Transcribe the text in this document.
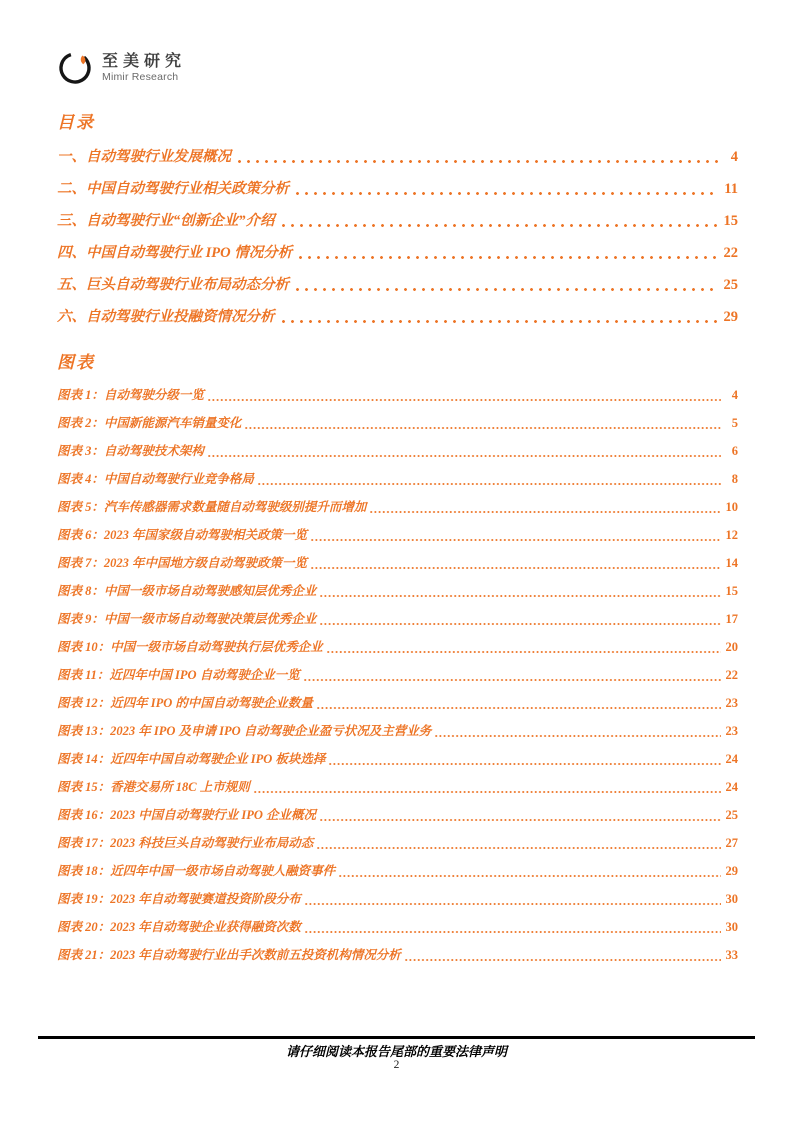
至美研究
Mimir Research
目录
一、自动驾驶行业发展概况	4
二、中国自动驾驶行业相关政策分析	11
三、自动驾驶行业“创新企业”介绍	15
四、中国自动驾驶行业 IPO 情况分析	22
五、巨头自动驾驶行业布局动态分析	25
六、自动驾驶行业投融资情况分析	29
图表
图表 1：自动驾驶分级一览	4
图表 2：中国新能源汽车销量变化	5
图表 3：自动驾驶技术架构	6
图表 4：中国自动驾驶行业竞争格局	8
图表 5：汽车传感器需求数量随自动驾驶级别提升而增加	10
图表 6：2023 年国家级自动驾驶相关政策一览	12
图表 7：2023 年中国地方级自动驾驶政策一览	14
图表 8：中国一级市场自动驾驶感知层优秀企业	15
图表 9：中国一级市场自动驾驶决策层优秀企业	17
图表 10：中国一级市场自动驾驶执行层优秀企业	20
图表 11：近四年中国 IPO 自动驾驶企业一览	22
图表 12：近四年 IPO 的中国自动驾驶企业数量	23
图表 13：2023 年 IPO 及申请 IPO 自动驾驶企业盈亏状况及主营业务	23
图表 14：近四年中国自动驾驶企业 IPO 板块选择	24
图表 15：香港交易所 18C 上市规则	24
图表 16：2023 中国自动驾驶行业 IPO 企业概况	25
图表 17：2023 科技巨头自动驾驶行业布局动态	27
图表 18：近四年中国一级市场自动驾驶人融资事件	29
图表 19：2023 年自动驾驶赛道投资阶段分布	30
图表 20：2023 年自动驾驶企业获得融资次数	30
图表 21：2023 年自动驾驶行业出手次数前五投资机构情况分析	33
请仔细阅读本报告尾部的重要法律声明
2
